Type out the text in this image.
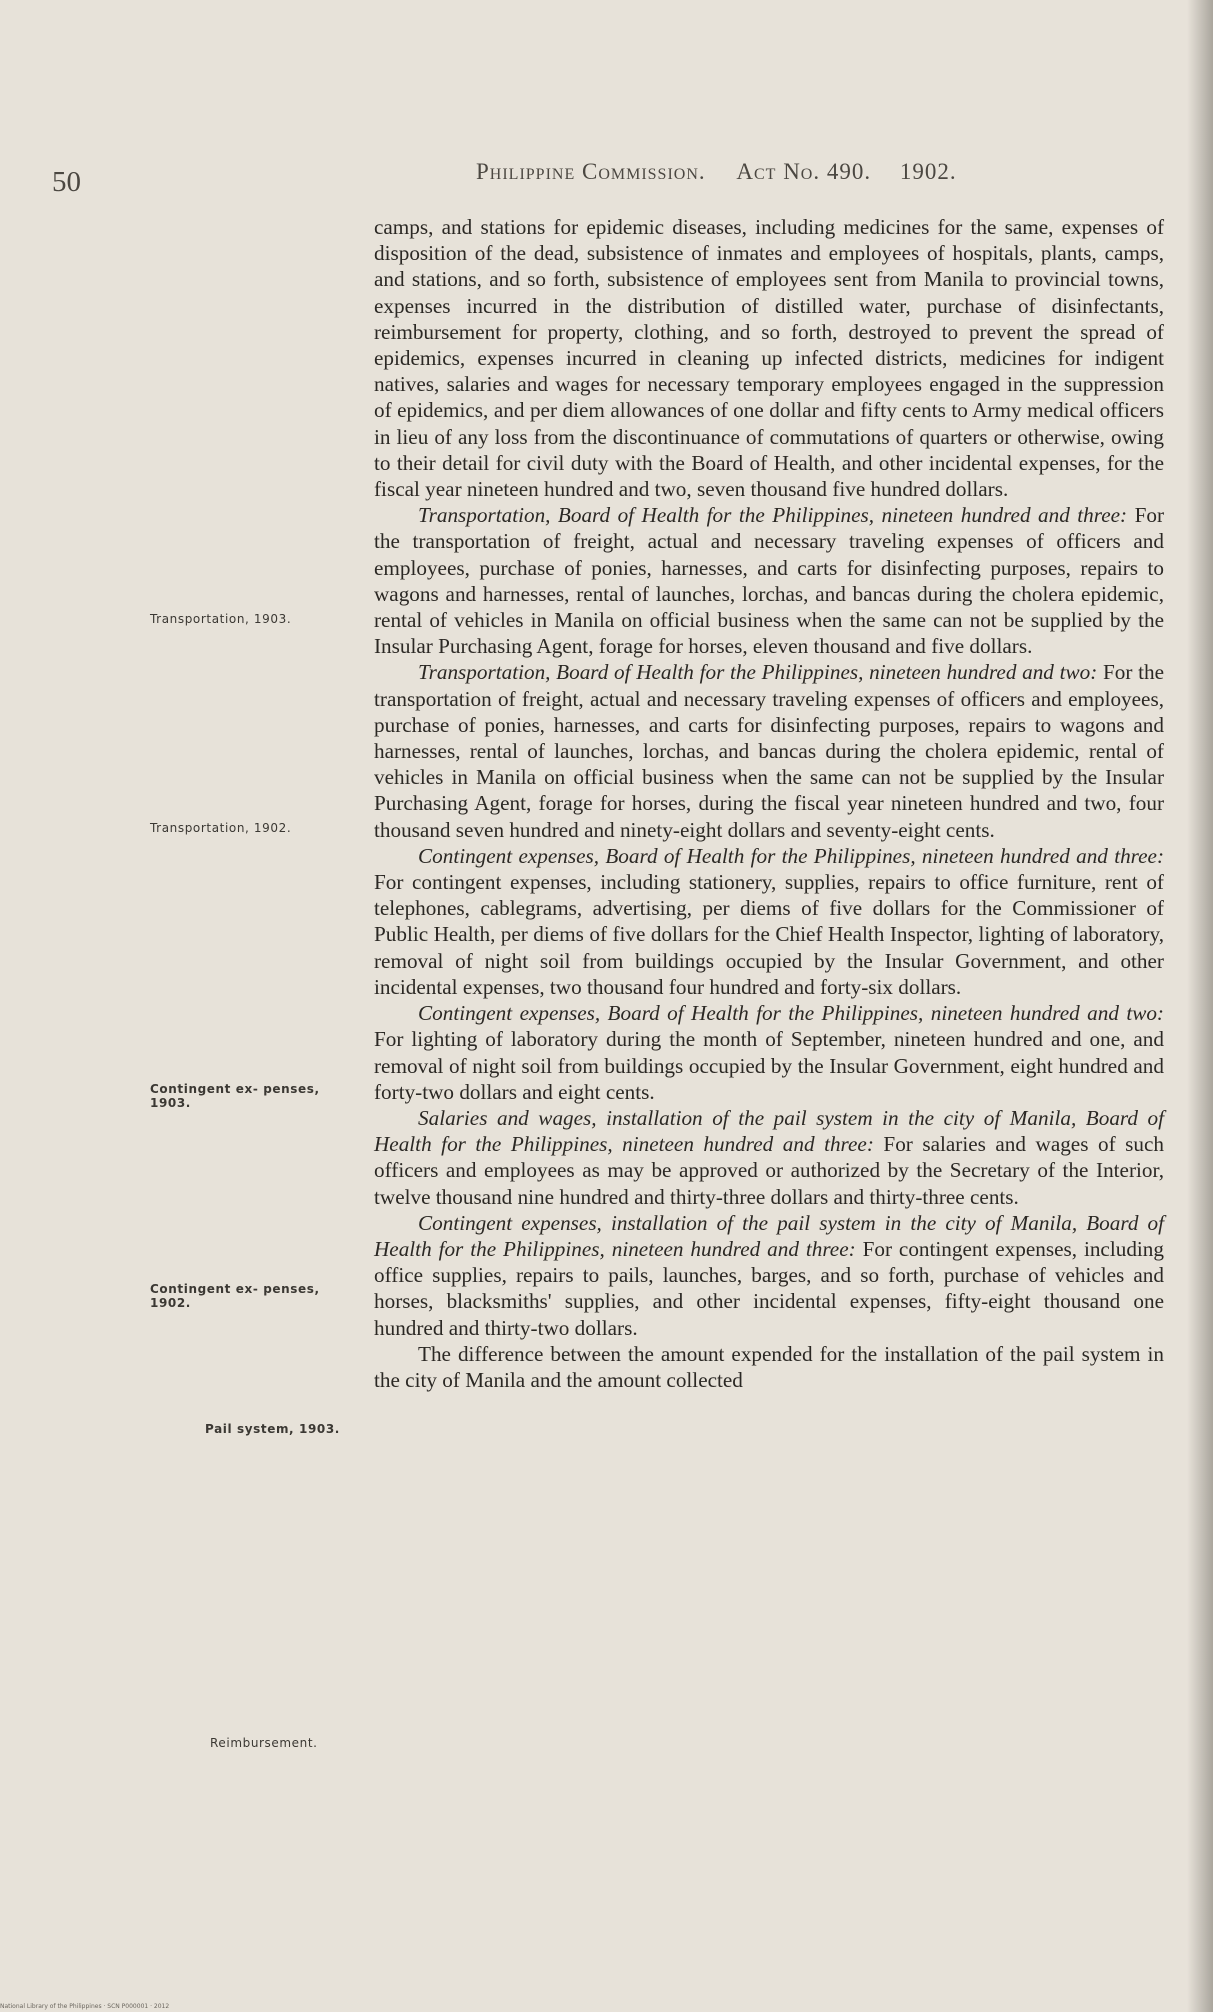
50	Philippine Commission. Act No. 490. 1902.
Transportation, 1903.
Transportation, 1902.
Contingent ex- penses, 1903.
Contingent ex- penses, 1902.
Pail system, 1903.
Reimbursement.

camps, and stations for epidemic diseases, including medicines for the same, expenses of disposition of the dead, subsistence of inmates and employees of hospitals, plants, camps, and stations, and so forth, subsistence of employees sent from Manila to provincial towns, expenses incurred in the distribution of distilled water, purchase of disinfectants, reimbursement for property, clothing, and so forth, destroyed to prevent the spread of epidemics, expenses incurred in cleaning up infected districts, medicines for indigent natives, salaries and wages for necessary temporary employees engaged in the suppression of epidemics, and per diem allowances of one dollar and fifty cents to Army medical officers in lieu of any loss from the discontinuance of commutations of quarters or otherwise, owing to their detail for civil duty with the Board of Health, and other incidental expenses, for the fiscal year nineteen hundred and two, seven thousand five hundred dollars.

Transportation, Board of Health for the Philippines, nineteen hundred and three: For the transportation of freight, actual and necessary traveling expenses of officers and employees, purchase of ponies, harnesses, and carts for disinfecting purposes, repairs to wagons and harnesses, rental of launches, lorchas, and bancas during the cholera epidemic, rental of vehicles in Manila on official business when the same can not be supplied by the Insular Purchasing Agent, forage for horses, eleven thousand and five dollars.

Transportation, Board of Health for the Philippines, nineteen hundred and two: For the transportation of freight, actual and necessary traveling expenses of officers and employees, purchase of ponies, harnesses, and carts for disinfecting purposes, repairs to wagons and harnesses, rental of launches, lorchas, and bancas during the cholera epidemic, rental of vehicles in Manila on official business when the same can not be supplied by the Insular Purchasing Agent, forage for horses, during the fiscal year nineteen hundred and two, four thousand seven hundred and ninety-eight dollars and seventy-eight cents.

Contingent expenses, Board of Health for the Philippines, nineteen hundred and three: For contingent expenses, including stationery, supplies, repairs to office furniture, rent of telephones, cablegrams, advertising, per diems of five dollars for the Commissioner of Public Health, per diems of five dollars for the Chief Health Inspector, lighting of laboratory, removal of night soil from buildings occupied by the Insular Government, and other incidental expenses, two thousand four hundred and forty-six dollars.

Contingent expenses, Board of Health for the Philippines, nineteen hundred and two: For lighting of laboratory during the month of September, nineteen hundred and one, and removal of night soil from buildings occupied by the Insular Government, eight hundred and forty-two dollars and eight cents.

Salaries and wages, installation of the pail system in the city of Manila, Board of Health for the Philippines, nineteen hundred and three: For salaries and wages of such officers and employees as may be approved or authorized by the Secretary of the Interior, twelve thousand nine hundred and thirty-three dollars and thirty-three cents.

Contingent expenses, installation of the pail system in the city of Manila, Board of Health for the Philippines, nineteen hundred and three: For contingent expenses, including office supplies, repairs to pails, launches, barges, and so forth, purchase of vehicles and horses, blacksmiths' supplies, and other incidental expenses, fifty-eight thousand one hundred and thirty-two dollars.

The difference between the amount expended for the installation of the pail system in the city of Manila and the amount collected

National Library of the Philippines · SCN P000001 · 2012
